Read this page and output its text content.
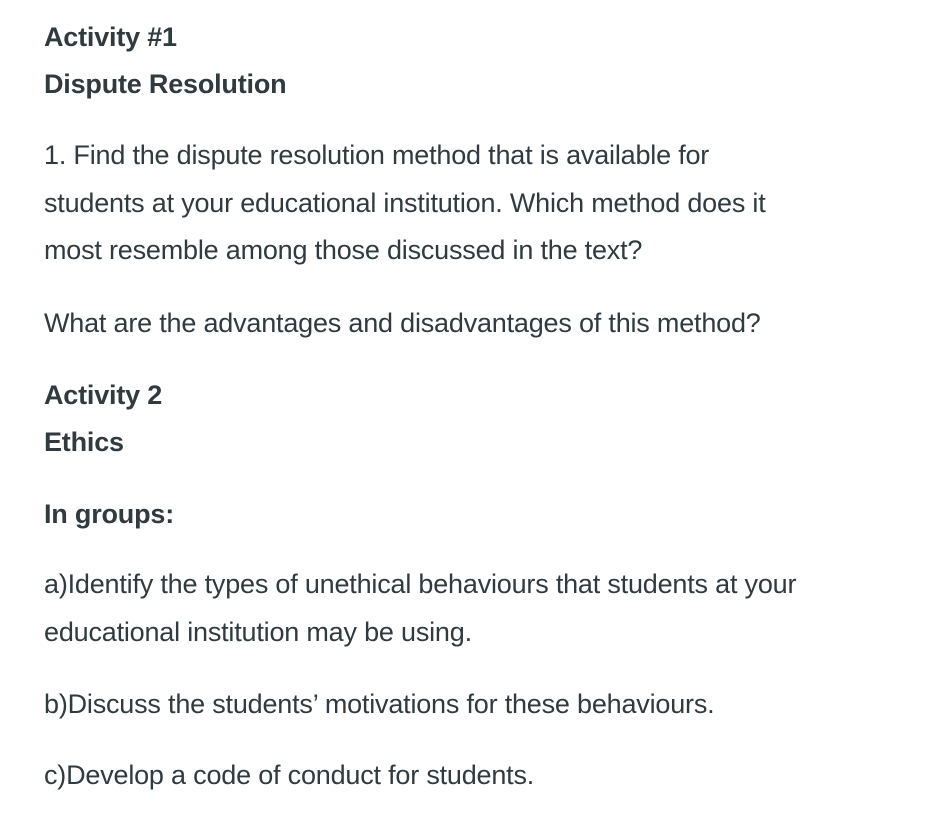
Activity #1

Dispute Resolution

1. Find the dispute resolution method that is available for

students at your educational institution. Which method does it

most resemble among those discussed in the text?

What are the advantages and disadvantages of this method?

Activity 2

Ethics

In groups:

a)Identify the types of unethical behaviours that students at your

educational institution may be using.

b)Discuss the students’ motivations for these behaviours.

c)Develop a code of conduct for students.
